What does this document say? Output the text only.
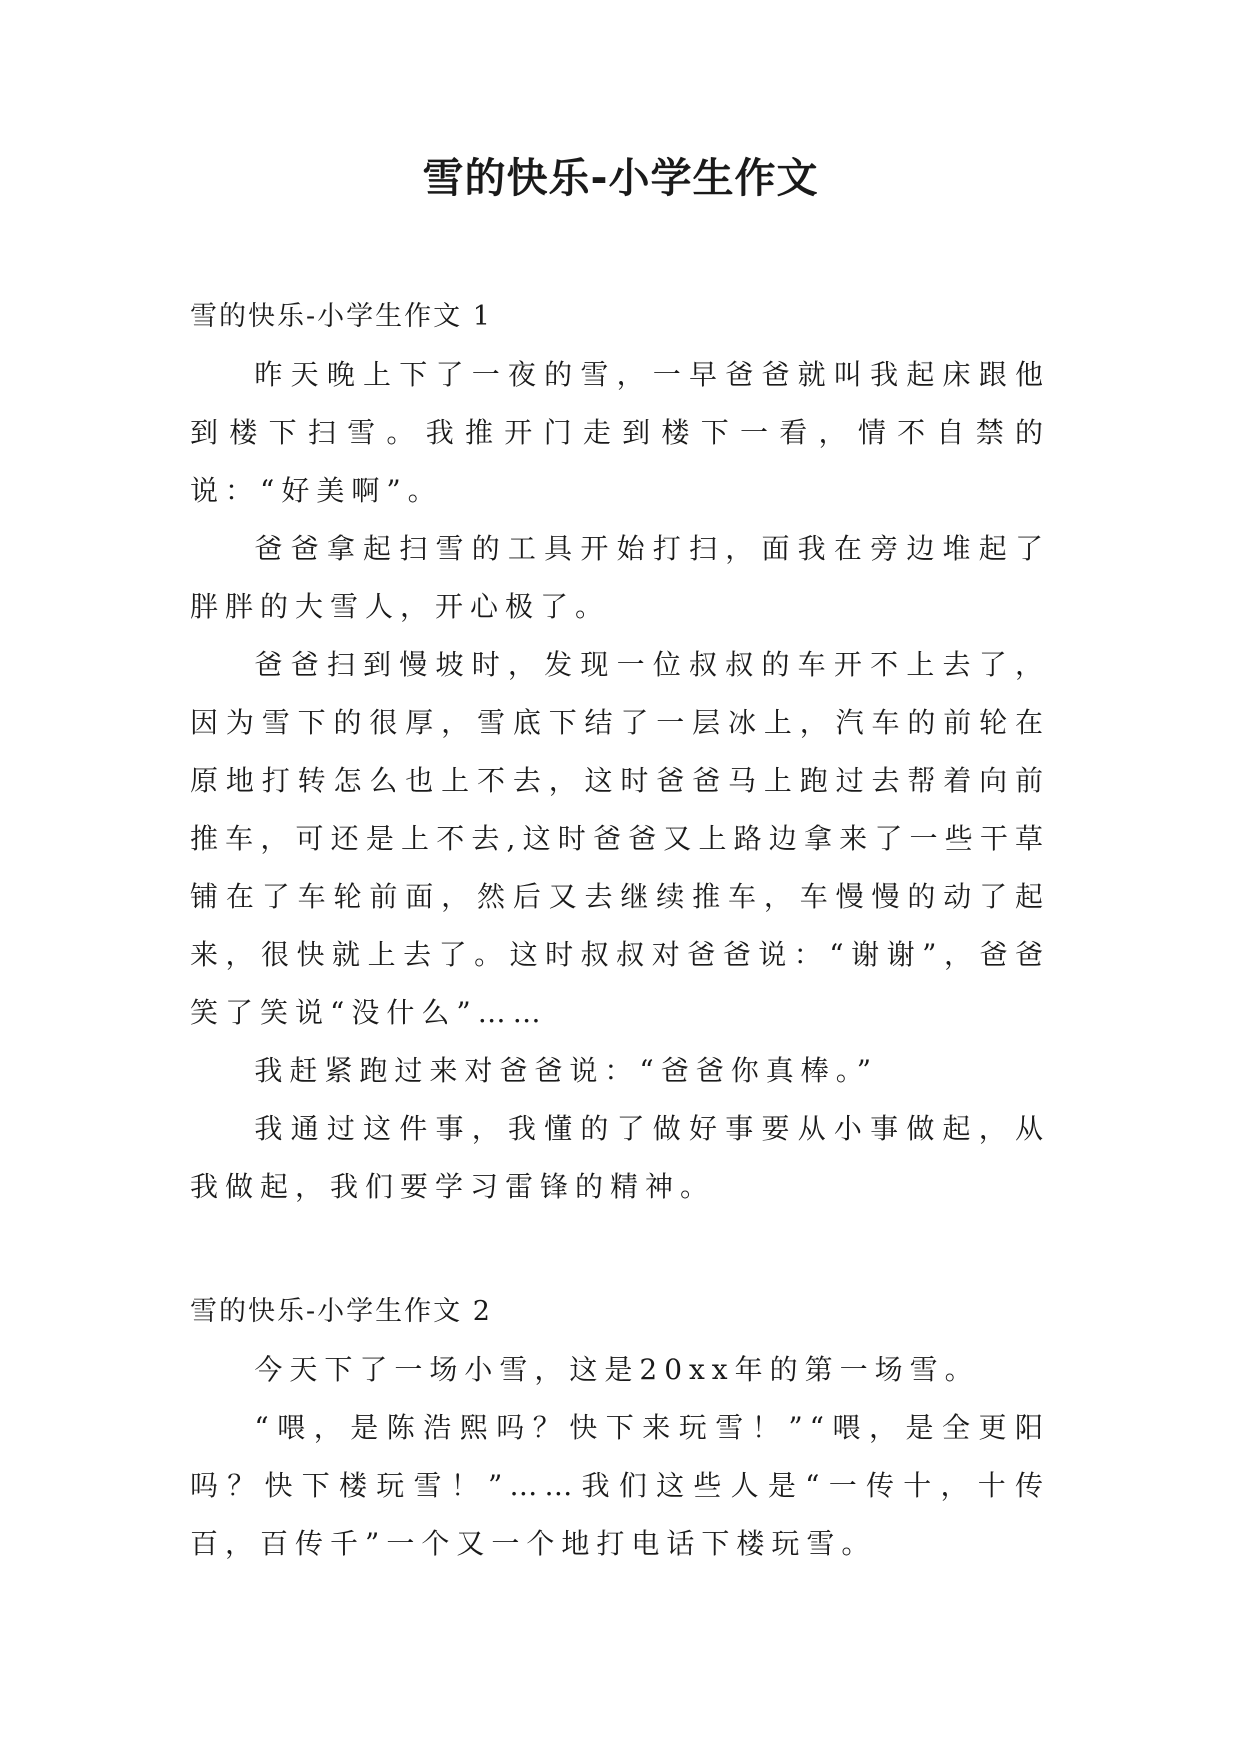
雪的快乐-小学生作文
雪的快乐-小学生作文 1

昨天晚上下了一夜的雪，一早爸爸就叫我起床跟他到楼下扫雪。我推开门走到楼下一看，情不自禁的说：“好美啊”。

爸爸拿起扫雪的工具开始打扫，面我在旁边堆起了胖胖的大雪人，开心极了。

爸爸扫到慢坡时，发现一位叔叔的车开不上去了，因为雪下的很厚，雪底下结了一层冰上，汽车的前轮在原地打转怎么也上不去，这时爸爸马上跑过去帮着向前推车，可还是上不去,这时爸爸又上路边拿来了一些干草铺在了车轮前面，然后又去继续推车，车慢慢的动了起来，很快就上去了。这时叔叔对爸爸说：“谢谢”，爸爸笑了笑说“没什么”……

我赶紧跑过来对爸爸说：“爸爸你真棒。”

我通过这件事，我懂的了做好事要从小事做起，从我做起，我们要学习雷锋的精神。

雪的快乐-小学生作文 2

今天下了一场小雪，这是20xx年的第一场雪。

“喂，是陈浩熙吗？快下来玩雪！”“喂，是全更阳吗？快下楼玩雪！”……我们这些人是“一传十，十传百，百传千”一个又一个地打电话下楼玩雪。
